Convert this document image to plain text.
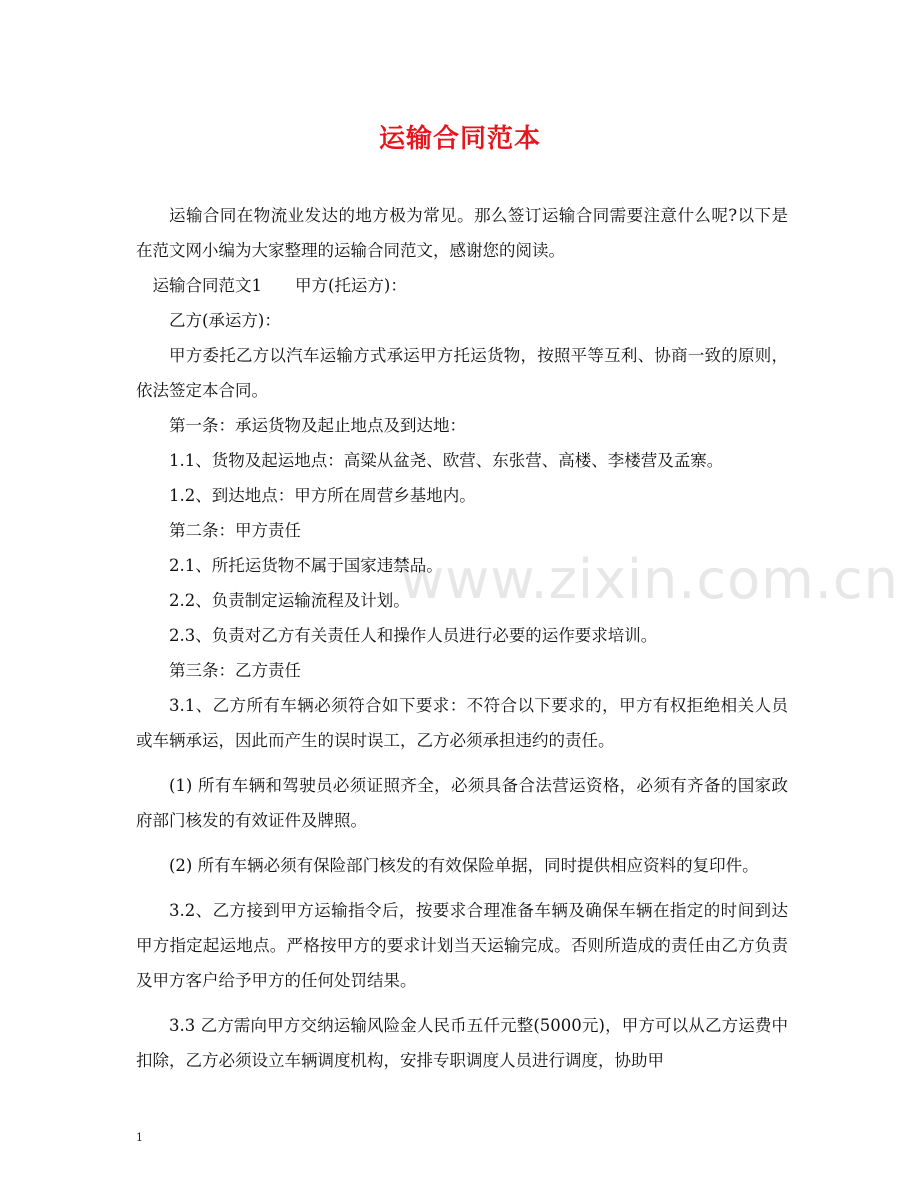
运输合同范本
www.zixin.com.cn

运输合同在物流业发达的地方极为常见。那么签订运输合同需要注意什么呢?以下是在范文网小编为大家整理的运输合同范文，感谢您的阅读。

运输合同范文1　　甲方(托运方)：

乙方(承运方)：

甲方委托乙方以汽车运输方式承运甲方托运货物，按照平等互利、协商一致的原则，依法签定本合同。

第一条：承运货物及起止地点及到达地：

1.1、货物及起运地点：高粱从盆尧、欧营、东张营、高楼、李楼营及孟寨。

1.2、到达地点：甲方所在周营乡基地内。

第二条：甲方责任

2.1、所托运货物不属于国家违禁品。

2.2、负责制定运输流程及计划。

2.3、负责对乙方有关责任人和操作人员进行必要的运作要求培训。

第三条：乙方责任

3.1、乙方所有车辆必须符合如下要求：不符合以下要求的，甲方有权拒绝相关人员或车辆承运，因此而产生的误时误工，乙方必须承担违约的责任。

(1) 所有车辆和驾驶员必须证照齐全，必须具备合法营运资格，必须有齐备的国家政府部门核发的有效证件及牌照。

(2) 所有车辆必须有保险部门核发的有效保险单据，同时提供相应资料的复印件。

3.2、乙方接到甲方运输指令后，按要求合理准备车辆及确保车辆在指定的时间到达甲方指定起运地点。严格按甲方的要求计划当天运输完成。否则所造成的责任由乙方负责及甲方客户给予甲方的任何处罚结果。

3.3 乙方需向甲方交纳运输风险金人民币五仟元整(5000元)，甲方可以从乙方运费中扣除，乙方必须设立车辆调度机构，安排专职调度人员进行调度，协助甲

1
